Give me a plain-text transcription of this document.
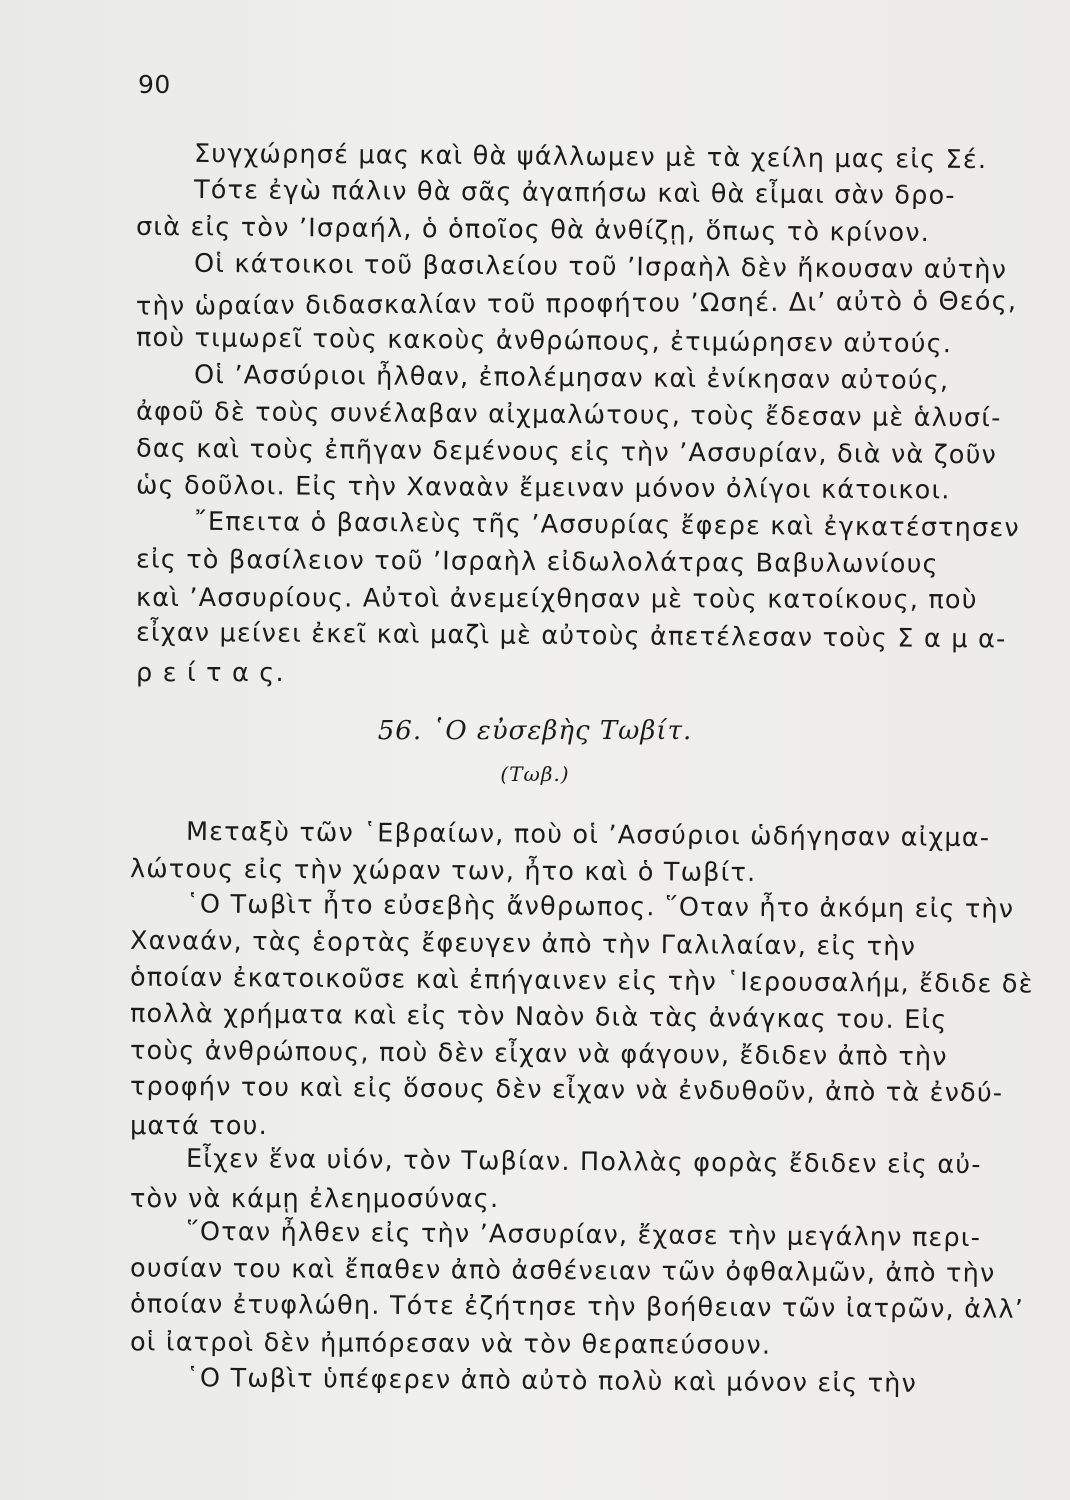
90
Συγχώρησέ μας καὶ θὰ ψάλλωμεν μὲ τὰ χείλη μας εἰς Σέ.
Τότε ἐγὼ πάλιν θὰ σᾶς ἀγαπήσω καὶ θὰ εἶμαι σὰν δρο-
σιὰ εἰς τὸν ’Ισραήλ, ὁ ὁποῖος θὰ ἀνθίζῃ, ὅπως τὸ κρίνον.
Οἱ κάτοικοι τοῦ βασιλείου τοῦ ’Ισραὴλ δὲν ἤκουσαν αὐτὴν
τὴν ὡραίαν διδασκαλίαν τοῦ προφήτου ’Ωσηέ. Δι’ αὐτὸ ὁ Θεός,
ποὺ τιμωρεῖ τοὺς κακοὺς ἀνθρώπους, ἐτιμώρησεν αὐτούς.
Οἱ ’Ασσύριοι ἦλθαν, ἐπολέμησαν καὶ ἐνίκησαν αὐτούς,
ἀφοῦ δὲ τοὺς συνέλαβαν αἰχμαλώτους, τοὺς ἔδεσαν μὲ ἁλυσί-
δας καὶ τοὺς ἐπῆγαν δεμένους εἰς τὴν ’Ασσυρίαν, διὰ νὰ ζοῦν
ὡς δοῦλοι. Εἰς τὴν Χαναὰν ἔμειναν μόνον ὀλίγοι κάτοικοι.
῎Επειτα ὁ βασιλεὺς τῆς ’Ασσυρίας ἔφερε καὶ ἐγκατέστησεν
εἰς τὸ βασίλειον τοῦ ’Ισραὴλ εἰδωλολάτρας Βαβυλωνίους
καὶ ’Ασσυρίους. Αὐτοὶ ἀνεμείχθησαν μὲ τοὺς κατοίκους, ποὺ
εἶχαν μείνει ἐκεῖ καὶ μαζὶ μὲ αὐτοὺς ἀπετέλεσαν τοὺς Σ α μ α-
ρ ε ί τ α ς.
56. ῾Ο εὐσεβὴς Τωβίτ.
(Τωβ.)
Μεταξὺ τῶν ῾Εβραίων, ποὺ οἱ ’Ασσύριοι ὡδήγησαν αἰχμα-
λώτους εἰς τὴν χώραν των, ἦτο καὶ ὁ Τωβίτ.
῾Ο Τωβὶτ ἦτο εὐσεβὴς ἄνθρωπος. ῞Οταν ἦτο ἀκόμη εἰς τὴν
Χαναάν, τὰς ἑορτὰς ἔφευγεν ἀπὸ τὴν Γαλιλαίαν, εἰς τὴν
ὁποίαν ἐκατοικοῦσε καὶ ἐπήγαινεν εἰς τὴν ῾Ιερουσαλήμ, ἔδιδε δὲ
πολλὰ χρήματα καὶ εἰς τὸν Ναὸν διὰ τὰς ἀνάγκας του. Εἰς
τοὺς ἀνθρώπους, ποὺ δὲν εἶχαν νὰ φάγουν, ἔδιδεν ἀπὸ τὴν
τροφήν του καὶ εἰς ὅσους δὲν εἶχαν νὰ ἐνδυθοῦν, ἀπὸ τὰ ἐνδύ-
ματά του.
Εἶχεν ἕνα υἱόν, τὸν Τωβίαν. Πολλὰς φορὰς ἔδιδεν εἰς αὐ-
τὸν νὰ κάμῃ ἐλεημοσύνας.
῞Οταν ἦλθεν εἰς τὴν ’Ασσυρίαν, ἔχασε τὴν μεγάλην περι-
ουσίαν του καὶ ἔπαθεν ἀπὸ ἀσθένειαν τῶν ὀφθαλμῶν, ἀπὸ τὴν
ὁποίαν ἐτυφλώθη. Τότε ἐζήτησε τὴν βοήθειαν τῶν ἰατρῶν, ἀλλ’
οἱ ἰατροὶ δὲν ἠμπόρεσαν νὰ τὸν θεραπεύσουν.
῾Ο Τωβὶτ ὑπέφερεν ἀπὸ αὐτὸ πολὺ καὶ μόνον εἰς τὴν
